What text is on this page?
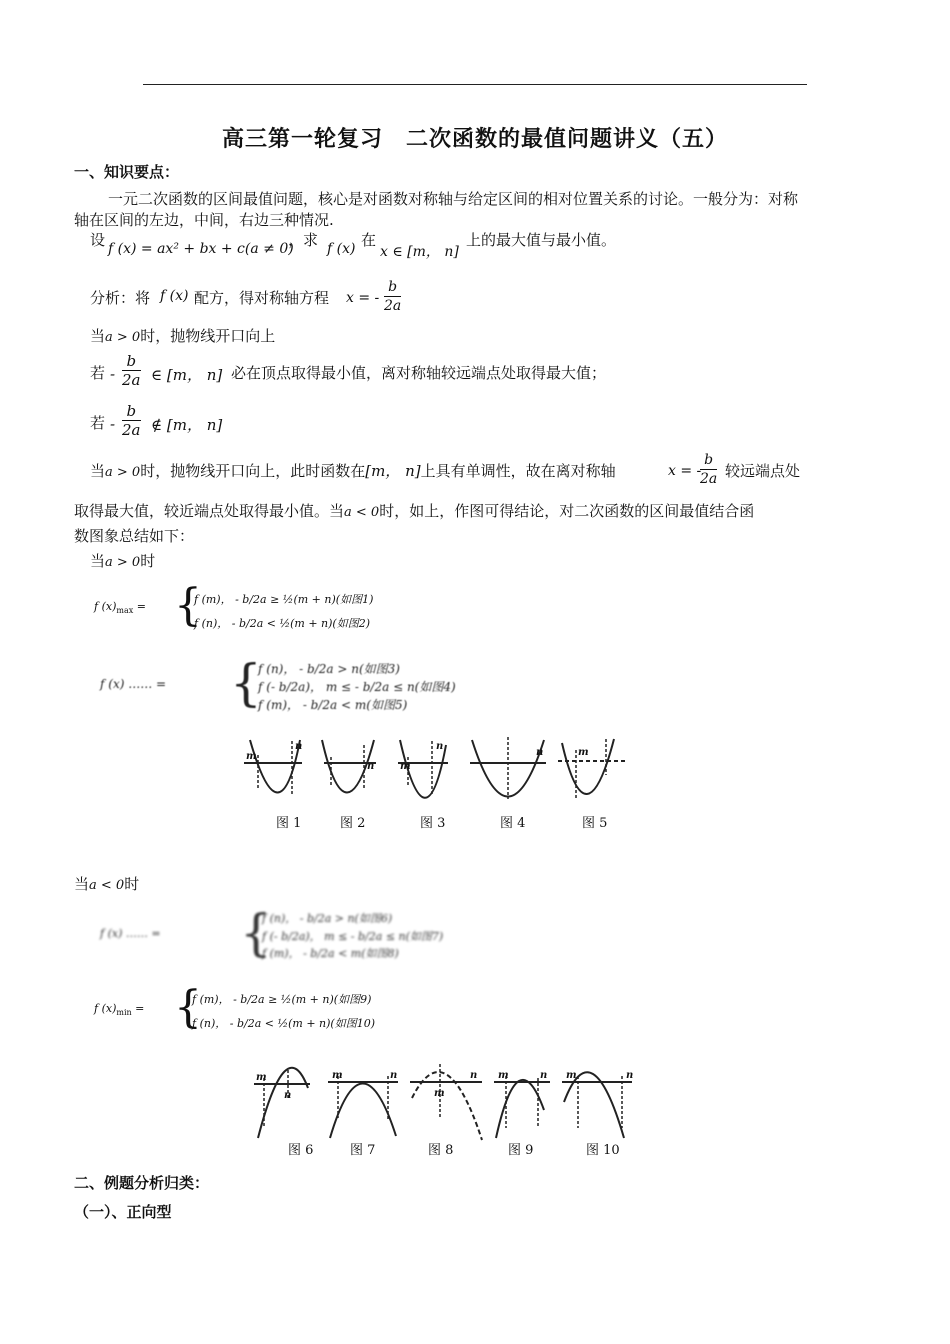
高三第一轮复习　二次函数的最值问题讲义（五）
一、知识要点：
一元二次函数的区间最值问题，核心是对函数对称轴与给定区间的相对位置关系的讨论。一般分为：对称
轴在区间的左边，中间，右边三种情况.
设 f (x) = ax² + bx + c(a ≠ 0)
，求 f (x) 在
x ∈ [m， n]
上的最大值与最小值。
分析：将 f (x) 配方，得对称轴方程 x = - $\frac{b}{2a}$
当a > 0时，抛物线开口向上
若 - $\frac{b}{2a}$ ∈ [m， n] 必在顶点取得最小值，离对称轴较远端点处取得最大值；
若 - $\frac{b}{2a}$ ∉ [m， n]
当a > 0时，抛物线开口向上，此时函数在[m， n]上具有单调性，故在离对称轴	x = -
$\frac{b}{2a}$ 较远端点处
取得最大值，较近端点处取得最小值。当a < 0时，如上，作图可得结论，对二次函数的区间最值结合函
数图象总结如下：
当a > 0时
f $(x)_{max}$ = {
f (m)， - b/2a ≥ ½(m + n)(如图1)
f (n)， - b/2a < ½(m + n)(如图2)
f (x) …… = {
f (n)， - b/2a > n(如图3)
f (- b/2a)， m ≤ - b/2a ≤ n(如图4)
f (m)， - b/2a < m(如图5)
m
n
n	m
n
n	m
图 1	图 2	图 3	图 4	图 5
当a < 0时
f (x) …… = {
f (n)， - b/2a > n(如图6)
f (- b/2a)， m ≤ - b/2a ≤ n(如图7)
f (m)， - b/2a < m(如图8)
f $(x)_{min}$ = {
f (m)， - b/2a ≥ ½(m + n)(如图9)
f (n)， - b/2a < ½(m + n)(如图10)
m
n
m	n
m
n m	n m	n
图 6	图 7	图 8	图 9	图 10
二、例题分析归类：
（一）、正向型
